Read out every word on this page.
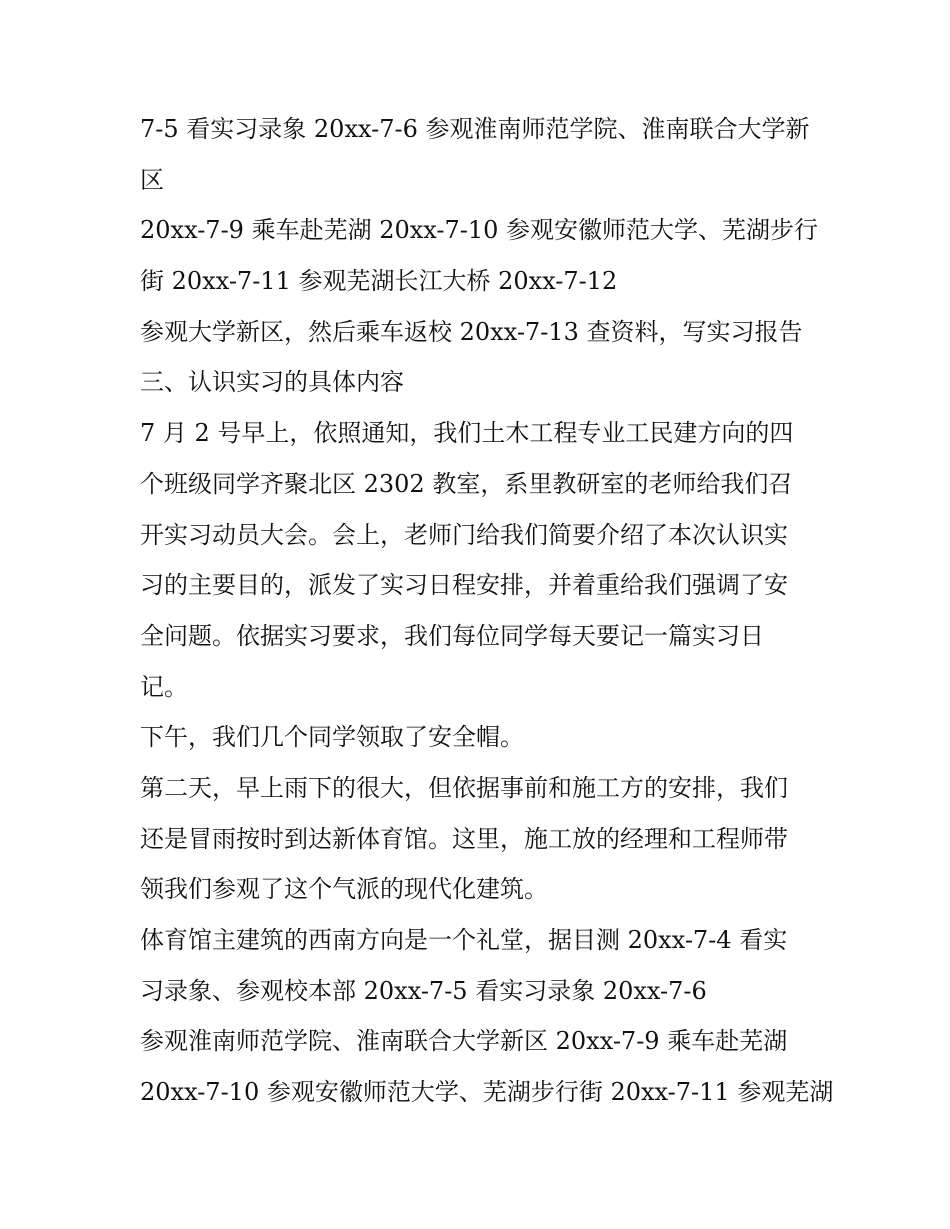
7-5 看实习录象 20xx-7-6 参观淮南师范学院、淮南联合大学新
区
20xx-7-9 乘车赴芜湖 20xx-7-10 参观安徽师范大学、芜湖步行
街 20xx-7-11 参观芜湖长江大桥 20xx-7-12
参观大学新区，然后乘车返校 20xx-7-13 查资料，写实习报告
三、认识实习的具体内容
7 月 2 号早上，依照通知，我们土木工程专业工民建方向的四
个班级同学齐聚北区 2302 教室，系里教研室的老师给我们召
开实习动员大会。会上，老师门给我们简要介绍了本次认识实
习的主要目的，派发了实习日程安排，并着重给我们强调了安
全问题。依据实习要求，我们每位同学每天要记一篇实习日
记。
下午，我们几个同学领取了安全帽。
第二天，早上雨下的很大，但依据事前和施工方的安排，我们
还是冒雨按时到达新体育馆。这里，施工放的经理和工程师带
领我们参观了这个气派的现代化建筑。
体育馆主建筑的西南方向是一个礼堂，据目测 20xx-7-4 看实
习录象、参观校本部 20xx-7-5 看实习录象 20xx-7-6
参观淮南师范学院、淮南联合大学新区 20xx-7-9 乘车赴芜湖
20xx-7-10 参观安徽师范大学、芜湖步行街 20xx-7-11 参观芜湖
